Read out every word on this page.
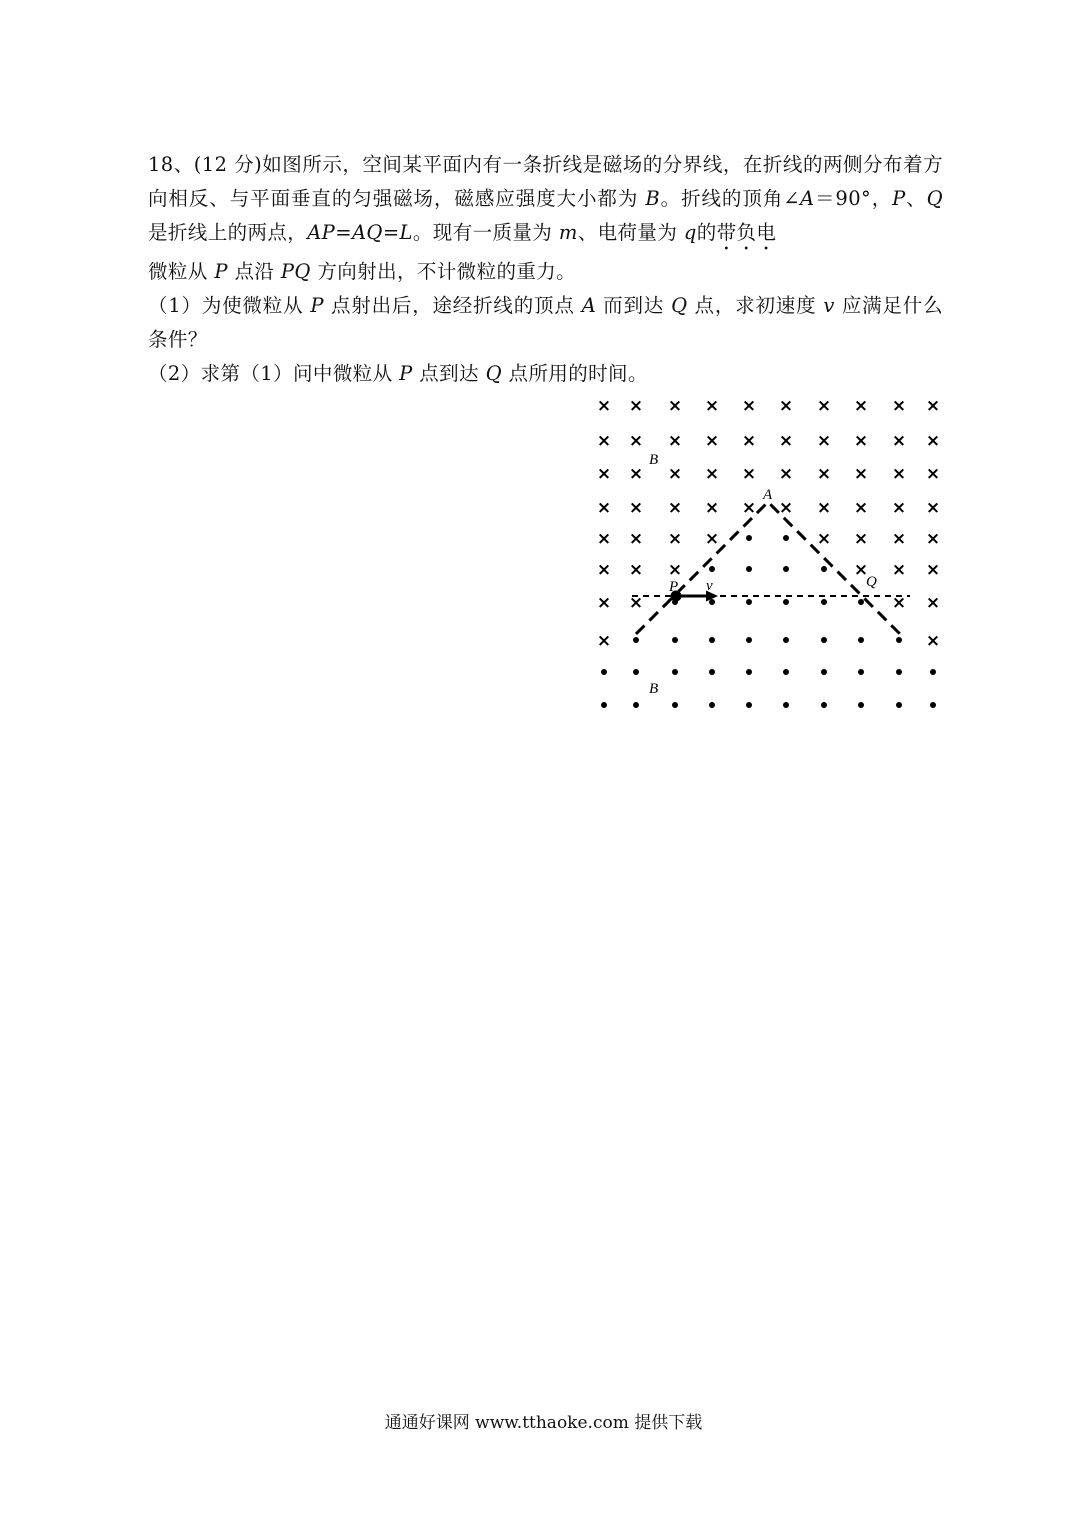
18、(12 分)如图所示，空间某平面内有一条折线是磁场的分界线，在折线的两侧分布着方向相反、与平面垂直的匀强磁场，磁感应强度大小都为 B。折线的顶角∠A＝90°，P、Q 是折线上的两点，AP=AQ=L。现有一质量为 m、电荷量为 q的带负电
微粒从 P 点沿 PQ 方向射出，不计微粒的重力。

（1）为使微粒从 P 点射出后，途经折线的顶点 A 而到达 Q 点，求初速度 v 应满足什么条件？

（2）求第（1）问中微粒从 P 点到达 Q 点所用的时间。

× × × × × × × × × ×
× × × × × × × × × ×
× × × × × × × × × ×
× × × × × × × × × ×
× × × ×	× × × ×
× × ×	× × ×
× ×	× ×
×	×
B
B
A
P	Q
v
通通好课网 www.tthaoke.com 提供下载
